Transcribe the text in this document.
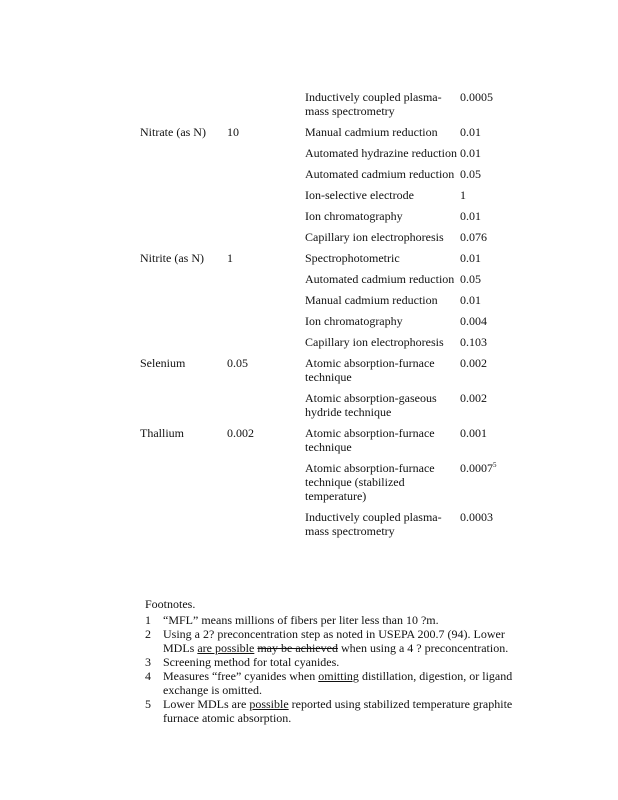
		Inductively coupled plasma-mass spectrometry	0.0005
Nitrate (as N)	10	Manual cadmium reduction	0.01
		Automated hydrazine reduction	0.01
		Automated cadmium reduction	0.05
		Ion-selective electrode	1
		Ion chromatography	0.01
		Capillary ion electrophoresis	0.076
Nitrite (as N)	1	Spectrophotometric	0.01
		Automated cadmium reduction	0.05
		Manual cadmium reduction	0.01
		Ion chromatography	0.004
		Capillary ion electrophoresis	0.103
Selenium	0.05	Atomic absorption-furnace technique	0.002
		Atomic absorption-gaseous hydride technique	0.002
Thallium	0.002	Atomic absorption-furnace technique	0.001
		Atomic absorption-furnace technique (stabilized temperature)	0.0007$^5$
		Inductively coupled plasma-mass spectrometry	0.0003
Footnotes.
1	“MFL” means millions of fibers per liter less than 10 ?m.
2	Using a 2? preconcentration step as noted in USEPA 200.7 (94). Lower MDLs are possible may be achieved when using a 4 ? preconcentration.
3	Screening method for total cyanides.
4	Measures “free” cyanides when omitting distillation, digestion, or ligand exchange is omitted.
5	Lower MDLs are possible reported using stabilized temperature graphite furnace atomic absorption.
